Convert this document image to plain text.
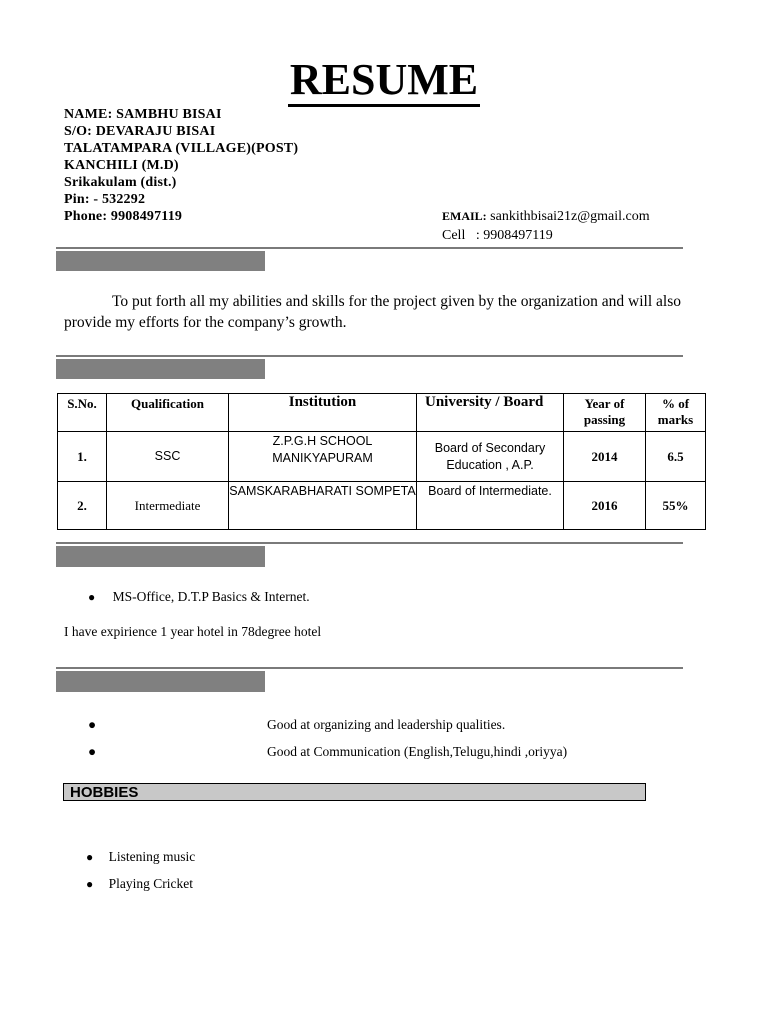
RESUME
NAME: SAMBHU BISAI
S/O: DEVARAJU BISAI
TALATAMPARA (VILLAGE)(POST)
KANCHILI (M.D)
Srikakulam (dist.)
Pin: - 532292
Phone: 9908497119	EMAIL: sankithbisai21z@gmail.com
Cell : 9908497119
To put forth all my abilities and skills for the project given by the organization and will also provide my efforts for the company’s growth.
S.No.	Qualification	Institution	University / Board	Year of passing	% of marks
1.	SSC	Z.P.G.H SCHOOL MANIKYAPURAM	Board of Secondary Education , A.P.	2014	6.5
2.	Intermediate	SAMSKARABHARATI SOMPETA	Board of Intermediate.	2016	55%
● MS-Office, D.T.P Basics & Internet.
I have expirience 1 year hotel in 78degree hotel
●	Good at organizing and leadership qualities.
●	Good at Communication (English,Telugu,hindi ,oriyya)
HOBBIES
● Listening music
● Playing Cricket
